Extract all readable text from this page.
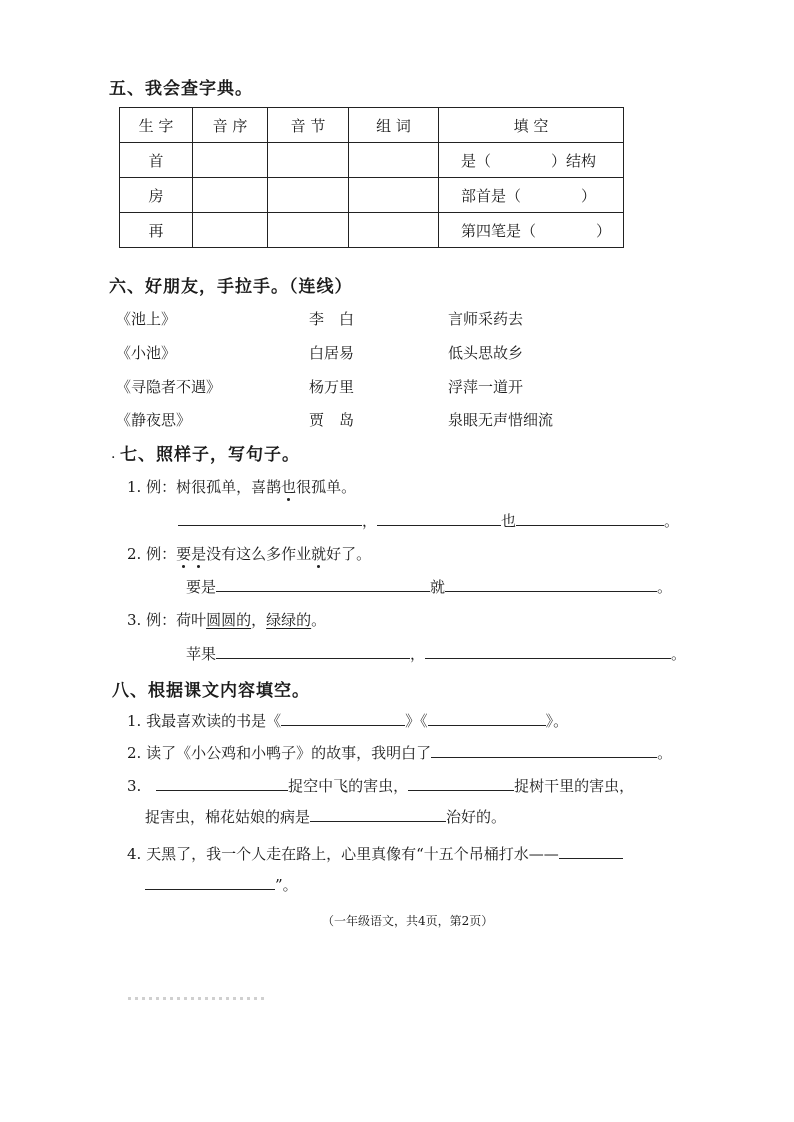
五、我会查字典。
生 字	音 序	音 节	组 词	填 空
首				是（　　　　）结构
房				部首是（　　　　）
再				第四笔是（　　　　）
六、好朋友，手拉手。（连线）
《池上》
《小池》
《寻隐者不遇》
《静夜思》
李　白
白居易
杨万里
贾　岛
言师采药去
低头思故乡
浮萍一道开
泉眼无声惜细流
. 七、照样子，写句子。
1. 例：树很孤单，喜鹊也很孤单。
，	也	。
2. 例：要是没有这么多作业就好了。
要是	就	。
3. 例：荷叶圆圆的，绿绿的。
苹果	，	。
八、根据课文内容填空。
1. 我最喜欢读的书是《	》《	》。
2. 读了《小公鸡和小鸭子》的故事，我明白了	。
3.	捉空中飞的害虫，	捉树干里的害虫，
捉害虫，棉花姑娘的病是	治好的。
4. 天黑了，我一个人走在路上，心里真像有“十五个吊桶打水——
”。
（一年级语文，共4页，第2页）
